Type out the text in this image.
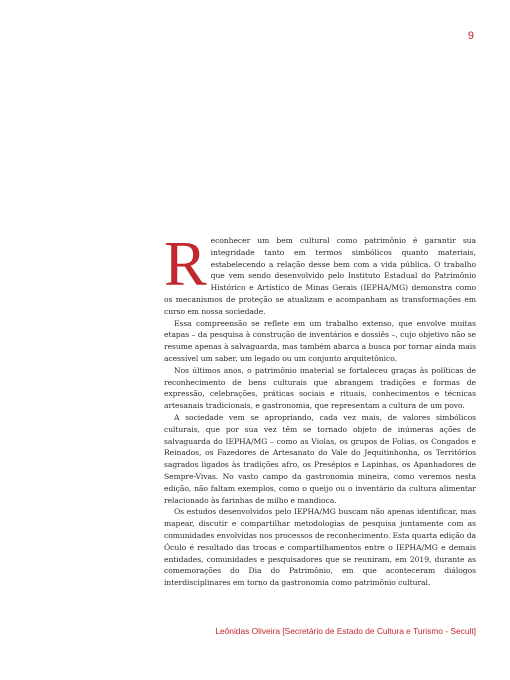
9

Reconhecer um bem cultural como patrimônio é garantir sua integridade tanto em termos simbólicos quanto materiais, estabelecendo a relação desse bem com a vida pública. O trabalho que vem sendo desenvolvido pelo Instituto Estadual do Patrimônio Histórico e Artístico de Minas Gerais (IEPHA/MG) demonstra como os mecanismos de proteção se atualizam e acompanham as transformações em curso em nossa sociedade.

Essa compreensão se reflete em um trabalho extenso, que envolve muitas etapas – da pesquisa à construção de inventários e dossiês –, cujo objetivo não se resume apenas à salvaguarda, mas também abarca a busca por tornar ainda mais acessível um saber, um legado ou um conjunto arquitetônico.

Nos últimos anos, o patrimônio imaterial se fortaleceu graças às políticas de reconhecimento de bens culturais que abrangem tradições e formas de expressão, celebrações, práticas sociais e rituais, conhecimentos e técnicas artesanais tradicionais, e gastronomia, que representam a cultura de um povo.

A sociedade vem se apropriando, cada vez mais, de valores simbólicos culturais, que por sua vez têm se tornado objeto de inúmeras ações de salvaguarda do IEPHA/MG – como as Violas, os grupos de Folias, os Congados e Reinados, os Fazedores de Artesanato do Vale do Jequitinhonha, os Territórios sagrados ligados às tradições afro, os Presépios e Lapinhas, os Apanhadores de Sempre-Vivas. No vasto campo da gastronomia mineira, como veremos nesta edição, não faltam exemplos, como o queijo ou o inventário da cultura alimentar relacionado às farinhas de milho e mandioca.

Os estudos desenvolvidos pelo IEPHA/MG buscam não apenas identificar, mas mapear, discutir e compartilhar metodologias de pesquisa juntamente com as comunidades envolvidas nos processos de reconhecimento. Esta quarta edição da Óculo é resultado das trocas e compartilhamentos entre o IEPHA/MG e demais entidades, comunidades e pesquisadores que se reuniram, em 2019, durante as comemorações do Dia do Patrimônio, em que aconteceram diálogos interdisciplinares em torno da gastronomia como patrimônio cultural.

Leônidas Oliveira [Secretário de Estado de Cultura e Turismo - Secult]
